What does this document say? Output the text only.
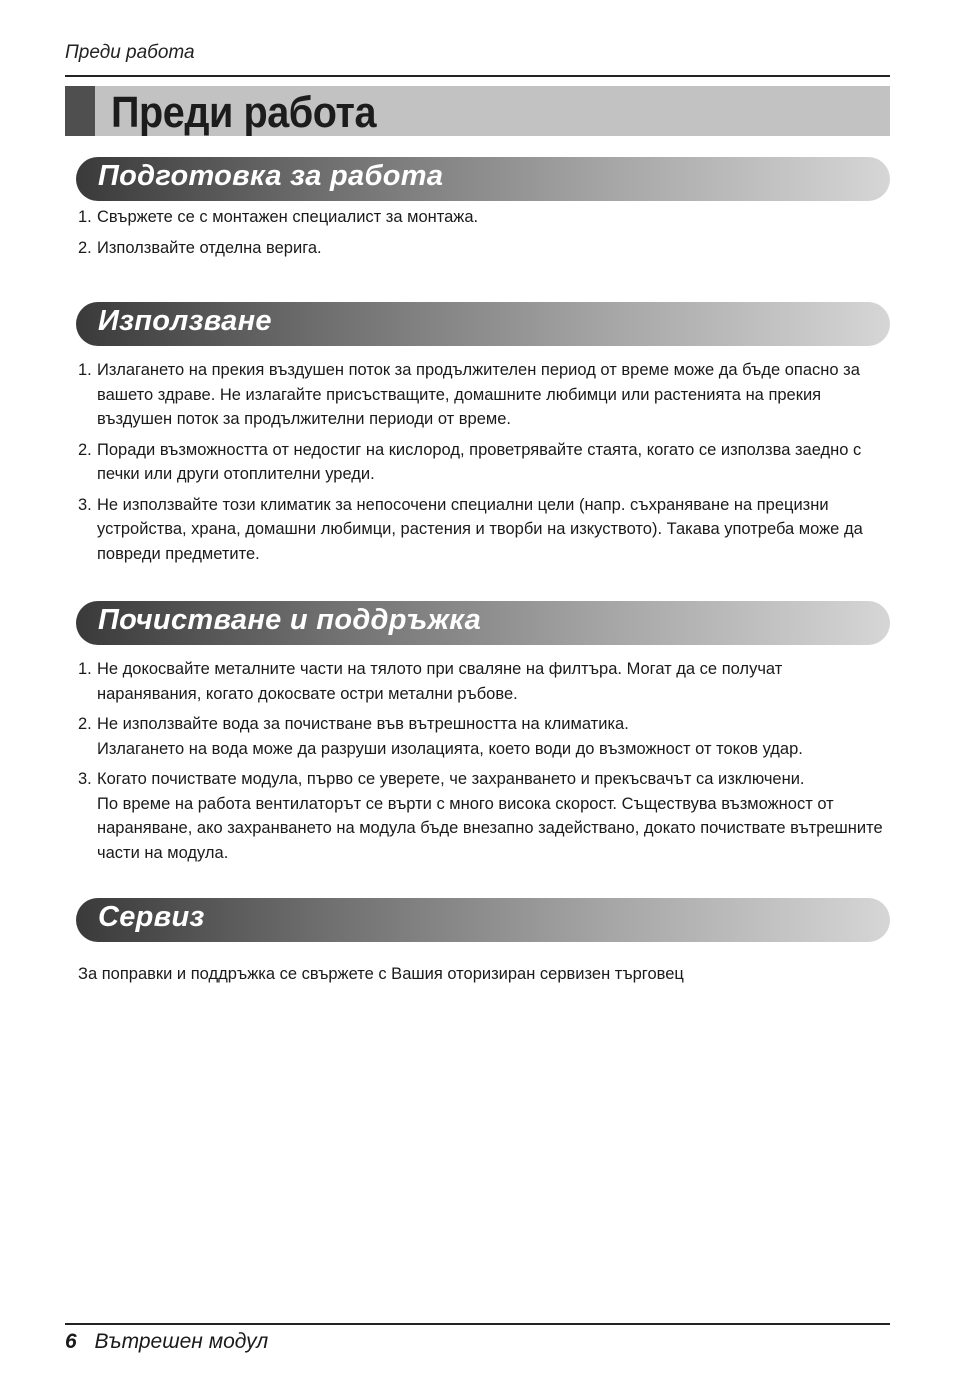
Преди работа
Преди работа
Подготовка за работа
1. Свържете се с монтажен специалист за монтажа.
2. Използвайте отделна верига.
Използване
1. Излагането на прекия въздушен поток за продължителен период от време може да бъде опасно за вашето здраве. Не излагайте присъстващите, домашните любимци или растенията на прекия въздушен поток за продължителни периоди от време.
2. Поради възможността от недостиг на кислород, проветрявайте стаята, когато се използва заедно с печки или други отоплителни уреди.
3. Не използвайте този климатик за непосочени специални цели (напр. съхраняване на прецизни устройства, храна, домашни любимци, растения и творби на изкуството). Такава употреба може да повреди предметите.
Почистване и поддръжка
1. Не докосвайте металните части на тялото при сваляне на филтъра. Могат да се получат наранявания, когато докосвате остри метални ръбове.
2. Не използвайте вода за почистване във вътрешността на климатика.
Излагането на вода може да разруши изолацията, което води до възможност от токов удар.
3. Когато почиствате модула, първо се уверете, че захранването и прекъсвачът са изключени.
По време на работа вентилаторът се върти с много висока скорост. Съществува възможност от нараняване, ако захранването на модула бъде внезапно задействано, докато почиствате вътрешните части на модула.
Сервиз
За поправки и поддръжка се свържете с Вашия оторизиран сервизен търговец
6 Вътрешен модул
